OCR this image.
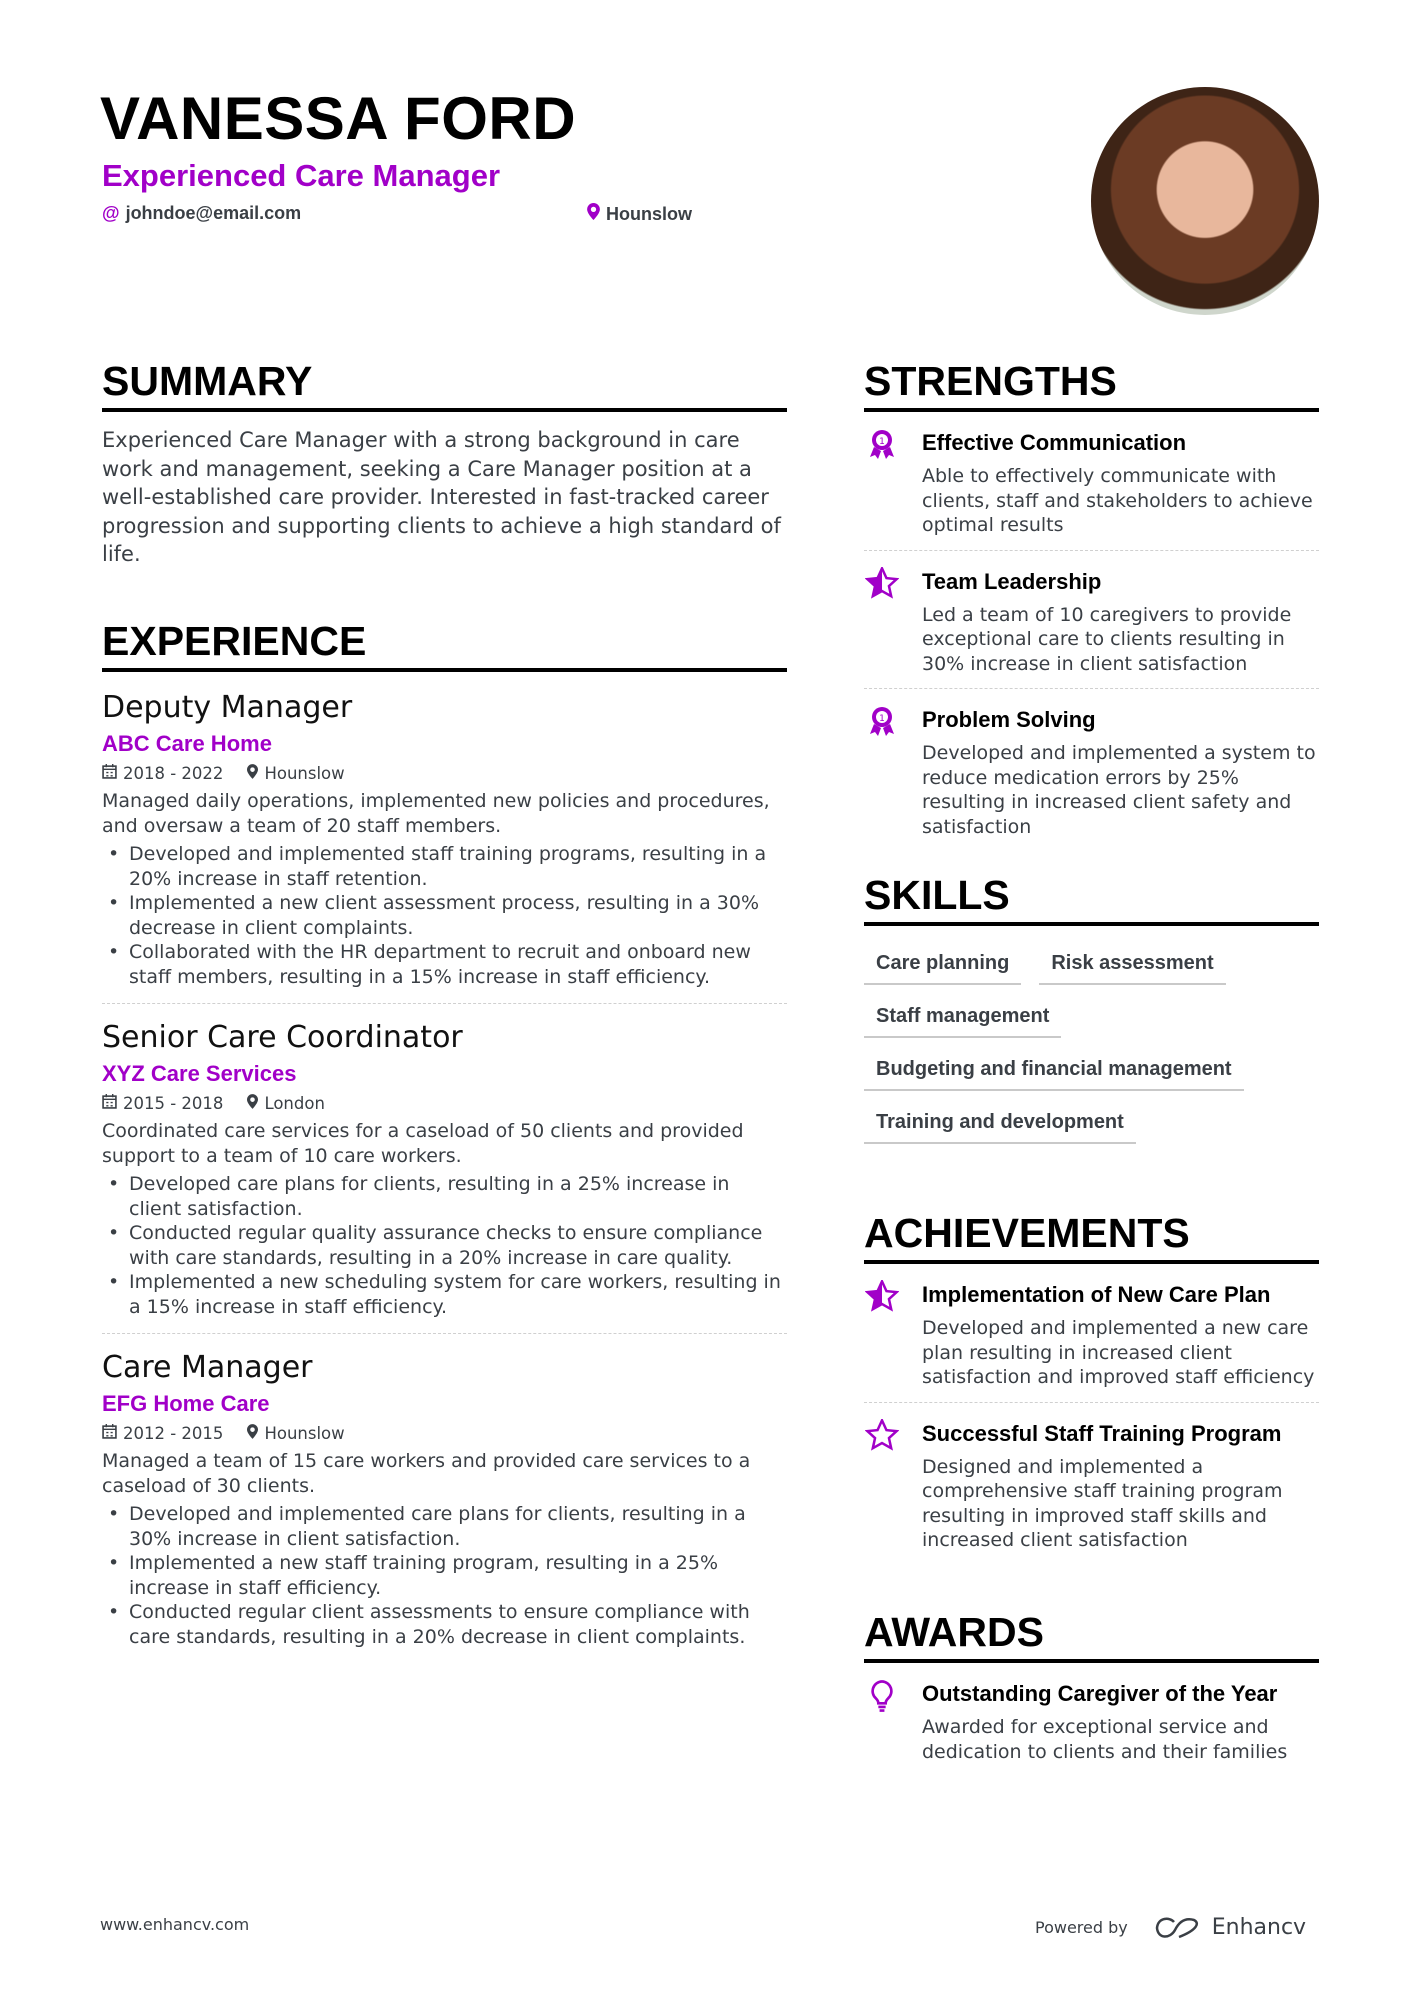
VANESSA FORD
Experienced Care Manager
@ johndoe@email.com	Hounslow
SUMMARY

Experienced Care Manager with a strong background in care work and management, seeking a Care Manager position at a well-established care provider. Interested in fast-tracked career progression and supporting clients to achieve a high standard of life.

EXPERIENCE
Deputy Manager
ABC Care Home
2018 - 2022 Hounslow
Managed daily operations, implemented new policies and procedures, and oversaw a team of 20 staff members.
• Developed and implemented staff training programs, resulting in a 20% increase in staff retention.
• Implemented a new client assessment process, resulting in a 30% decrease in client complaints.
• Collaborated with the HR department to recruit and onboard new staff members, resulting in a 15% increase in staff efficiency.
Senior Care Coordinator
XYZ Care Services
2015 - 2018 London
Coordinated care services for a caseload of 50 clients and provided support to a team of 10 care workers.
• Developed care plans for clients, resulting in a 25% increase in client satisfaction.
• Conducted regular quality assurance checks to ensure compliance with care standards, resulting in a 20% increase in care quality.
• Implemented a new scheduling system for care workers, resulting in a 15% increase in staff efficiency.
Care Manager
EFG Home Care
2012 - 2015 Hounslow
Managed a team of 15 care workers and provided care services to a caseload of 30 clients.
• Developed and implemented care plans for clients, resulting in a 30% increase in client satisfaction.
• Implemented a new staff training program, resulting in a 25% increase in staff efficiency.
• Conducted regular client assessments to ensure compliance with care standards, resulting in a 20% decrease in client complaints.
STRENGTHS
1 Effective Communication
Able to effectively communicate with clients, staff and stakeholders to achieve optimal results
Team Leadership
Led a team of 10 caregivers to provide exceptional care to clients resulting in 30% increase in client satisfaction
1 Problem Solving
Developed and implemented a system to reduce medication errors by 25% resulting in increased client safety and satisfaction
SKILLS
Care planning	Risk assessment
Staff management
Budgeting and financial management
Training and development
ACHIEVEMENTS
Implementation of New Care Plan
Developed and implemented a new care plan resulting in increased client satisfaction and improved staff efficiency
Successful Staff Training Program
Designed and implemented a comprehensive staff training program resulting in improved staff skills and increased client satisfaction
AWARDS
Outstanding Caregiver of the Year
Awarded for exceptional service and dedication to clients and their families
www.enhancv.com	Powered by	Enhancv
